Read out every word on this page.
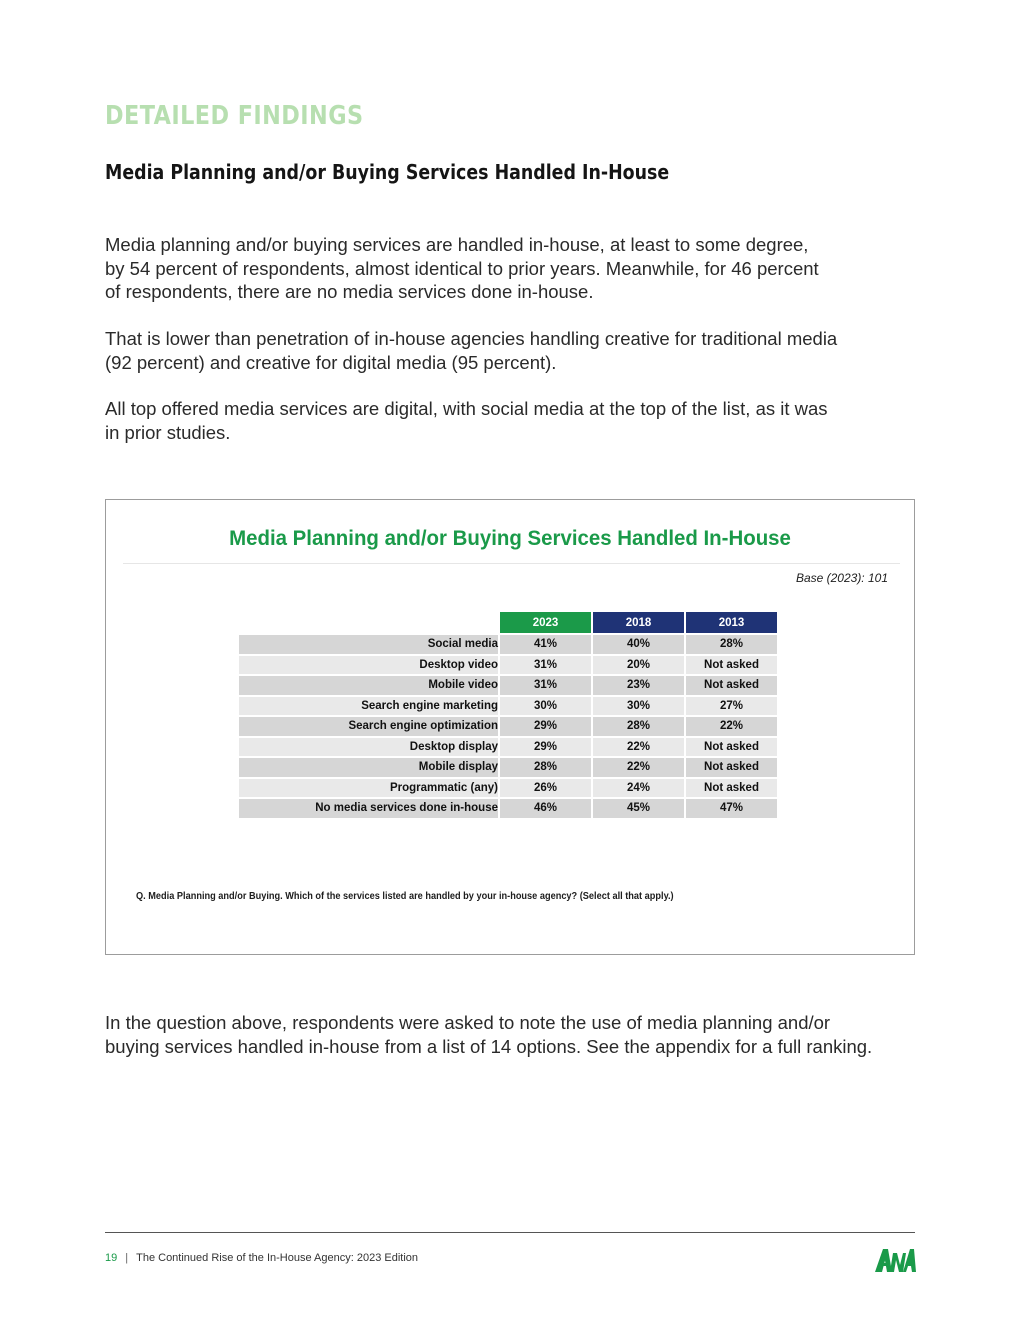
DETAILED FINDINGS
Media Planning and/or Buying Services Handled In-House

Media planning and/or buying services are handled in-house, at least to some degree,
by 54 percent of respondents, almost identical to prior years. Meanwhile, for 46 percent
of respondents, there are no media services done in-house.

That is lower than penetration of in-house agencies handling creative for traditional media
(92 percent) and creative for digital media (95 percent).

All top offered media services are digital, with social media at the top of the list, as it was
in prior studies.

Media Planning and/or Buying Services Handled In-House
Base (2023): 101
	2023	2018	2013
Social media	41%	40%	28%
Desktop video	31%	20%	Not asked
Mobile video	31%	23%	Not asked
Search engine marketing	30%	30%	27%
Search engine optimization	29%	28%	22%
Desktop display	29%	22%	Not asked
Mobile display	28%	22%	Not asked
Programmatic (any)	26%	24%	Not asked
No media services done in-house	46%	45%	47%
Q. Media Planning and/or Buying. Which of the services listed are handled by your in-house agency? (Select all that apply.)

In the question above, respondents were asked to note the use of media planning and/or
buying services handled in-house from a list of 14 options. See the appendix for a full ranking.

19 | The Continued Rise of the In-House Agency: 2023 Edition
